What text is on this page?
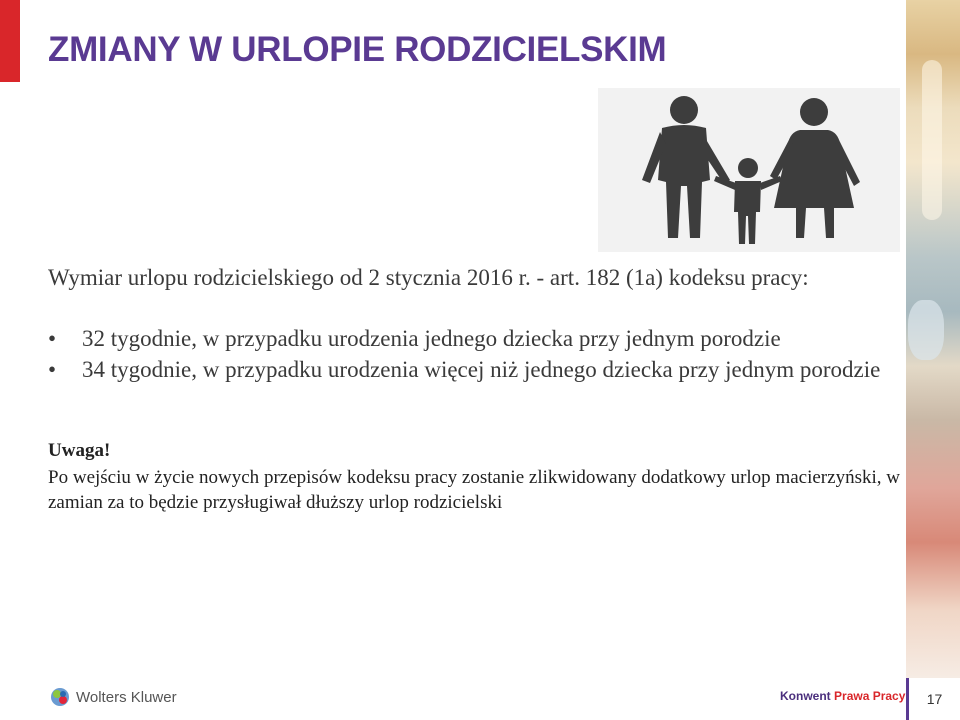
ZMIANY W URLOPIE RODZICIELSKIM

Wymiar urlopu rodzicielskiego od 2 stycznia 2016 r. - art. 182 (1a) kodeksu pracy:

• 32 tygodnie, w przypadku urodzenia jednego dziecka przy jednym porodzie
• 34 tygodnie, w przypadku urodzenia więcej niż jednego dziecka przy jednym porodzie

Uwaga!

Po wejściu w życie nowych przepisów kodeksu pracy zostanie zlikwidowany dodatkowy urlop macierzyński, w zamian za to będzie przysługiwał dłuższy urlop rodzicielski

Wolters Kluwer	Konwent Prawa Pracy	17
